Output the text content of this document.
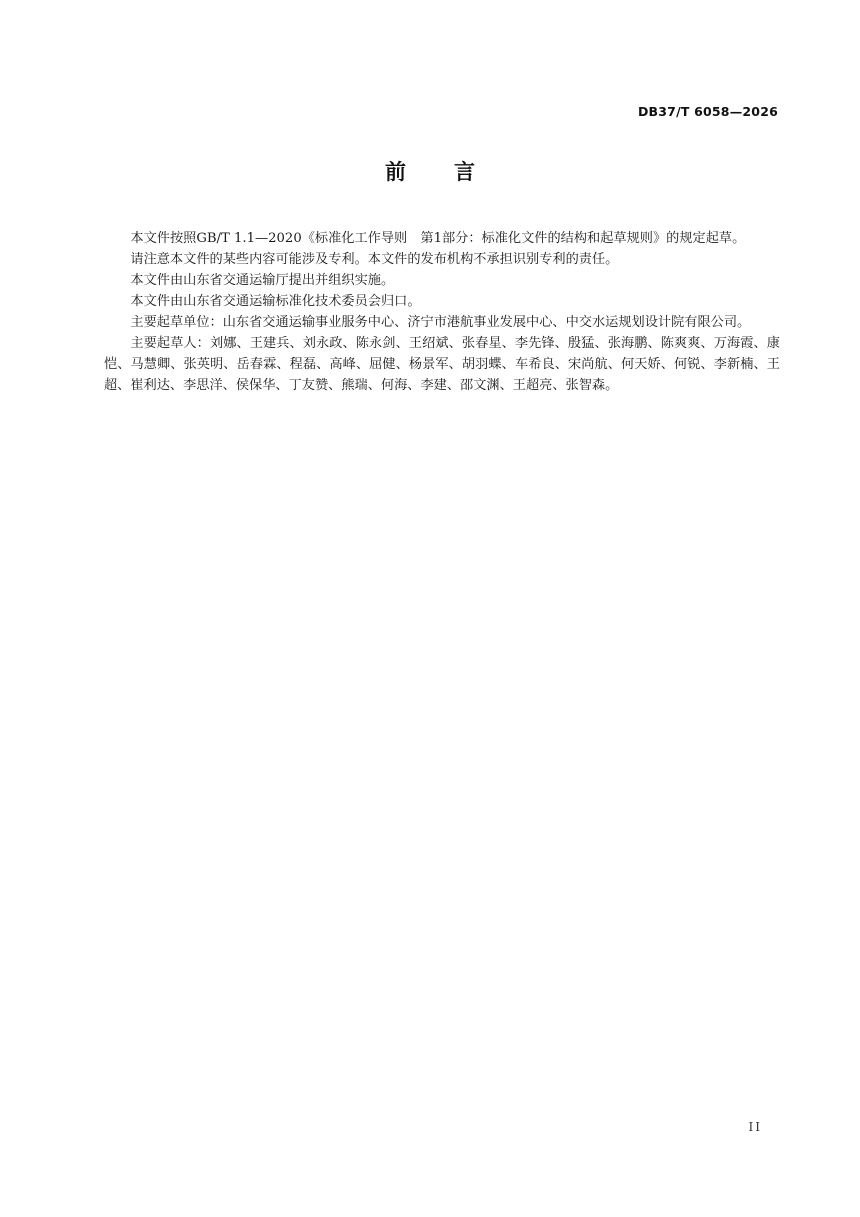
DB37/T 6058—2026
前言

本文件按照GB/T 1.1—2020《标准化工作导则　第1部分：标准化文件的结构和起草规则》的规定起草。

请注意本文件的某些内容可能涉及专利。本文件的发布机构不承担识别专利的责任。

本文件由山东省交通运输厅提出并组织实施。

本文件由山东省交通运输标准化技术委员会归口。

主要起草单位：山东省交通运输事业服务中心、济宁市港航事业发展中心、中交水运规划设计院有限公司。

主要起草人：刘娜、王建兵、刘永政、陈永剑、王绍斌、张春星、李先锋、殷猛、张海鹏、陈爽爽、万海霞、康恺、马慧卿、张英明、岳春霖、程磊、高峰、屈健、杨景军、胡羽蝶、车希良、宋尚航、何天娇、何锐、李新楠、王超、崔利达、李思洋、侯保华、丁友赞、熊瑞、何海、李建、邵文渊、王超亮、张智森。

II
